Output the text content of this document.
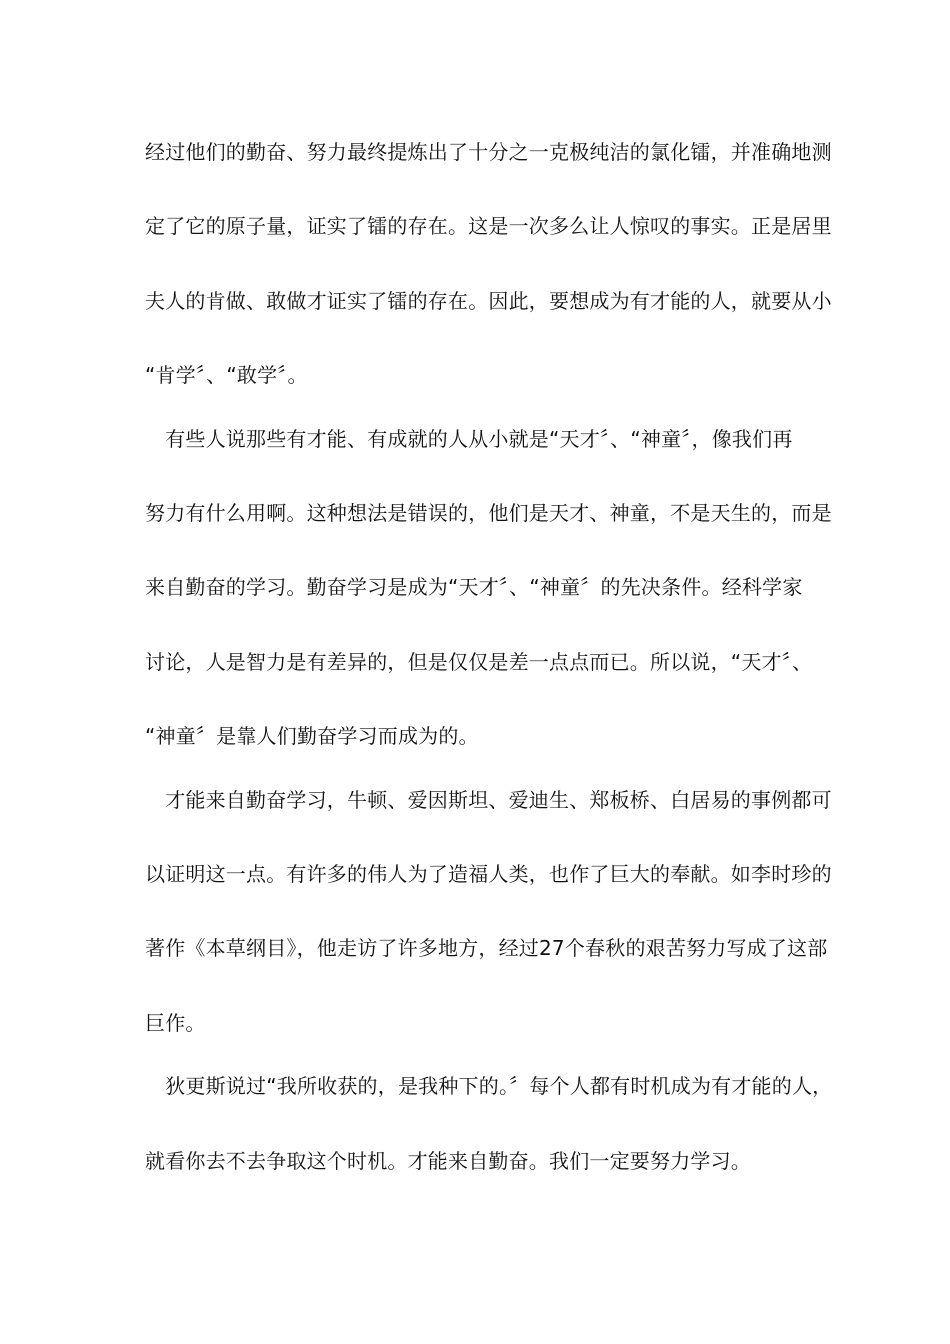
经过他们的勤奋、努力最终提炼出了十分之一克极纯洁的氯化镭，并准确地测
定了它的原子量，证实了镭的存在。这是一次多么让人惊叹的事实。正是居里
夫人的肯做、敢做才证实了镭的存在。因此，要想成为有才能的人，就要从小
“肯学〞、“敢学〞。
　有些人说那些有才能、有成就的人从小就是“天才〞、“神童〞，像我们再
努力有什么用啊。这种想法是错误的，他们是天才、神童，不是天生的，而是
来自勤奋的学习。勤奋学习是成为“天才〞、“神童〞的先决条件。经科学家
讨论，人是智力是有差异的，但是仅仅是差一点点而已。所以说，“天才〞、
“神童〞是靠人们勤奋学习而成为的。
　才能来自勤奋学习，牛顿、爱因斯坦、爱迪生、郑板桥、白居易的事例都可
以证明这一点。有许多的伟人为了造福人类，也作了巨大的奉献。如李时珍的
著作《本草纲目》，他走访了许多地方，经过27个春秋的艰苦努力写成了这部
巨作。
　狄更斯说过“我所收获的，是我种下的。〞每个人都有时机成为有才能的人，
就看你去不去争取这个时机。才能来自勤奋。我们一定要努力学习。
